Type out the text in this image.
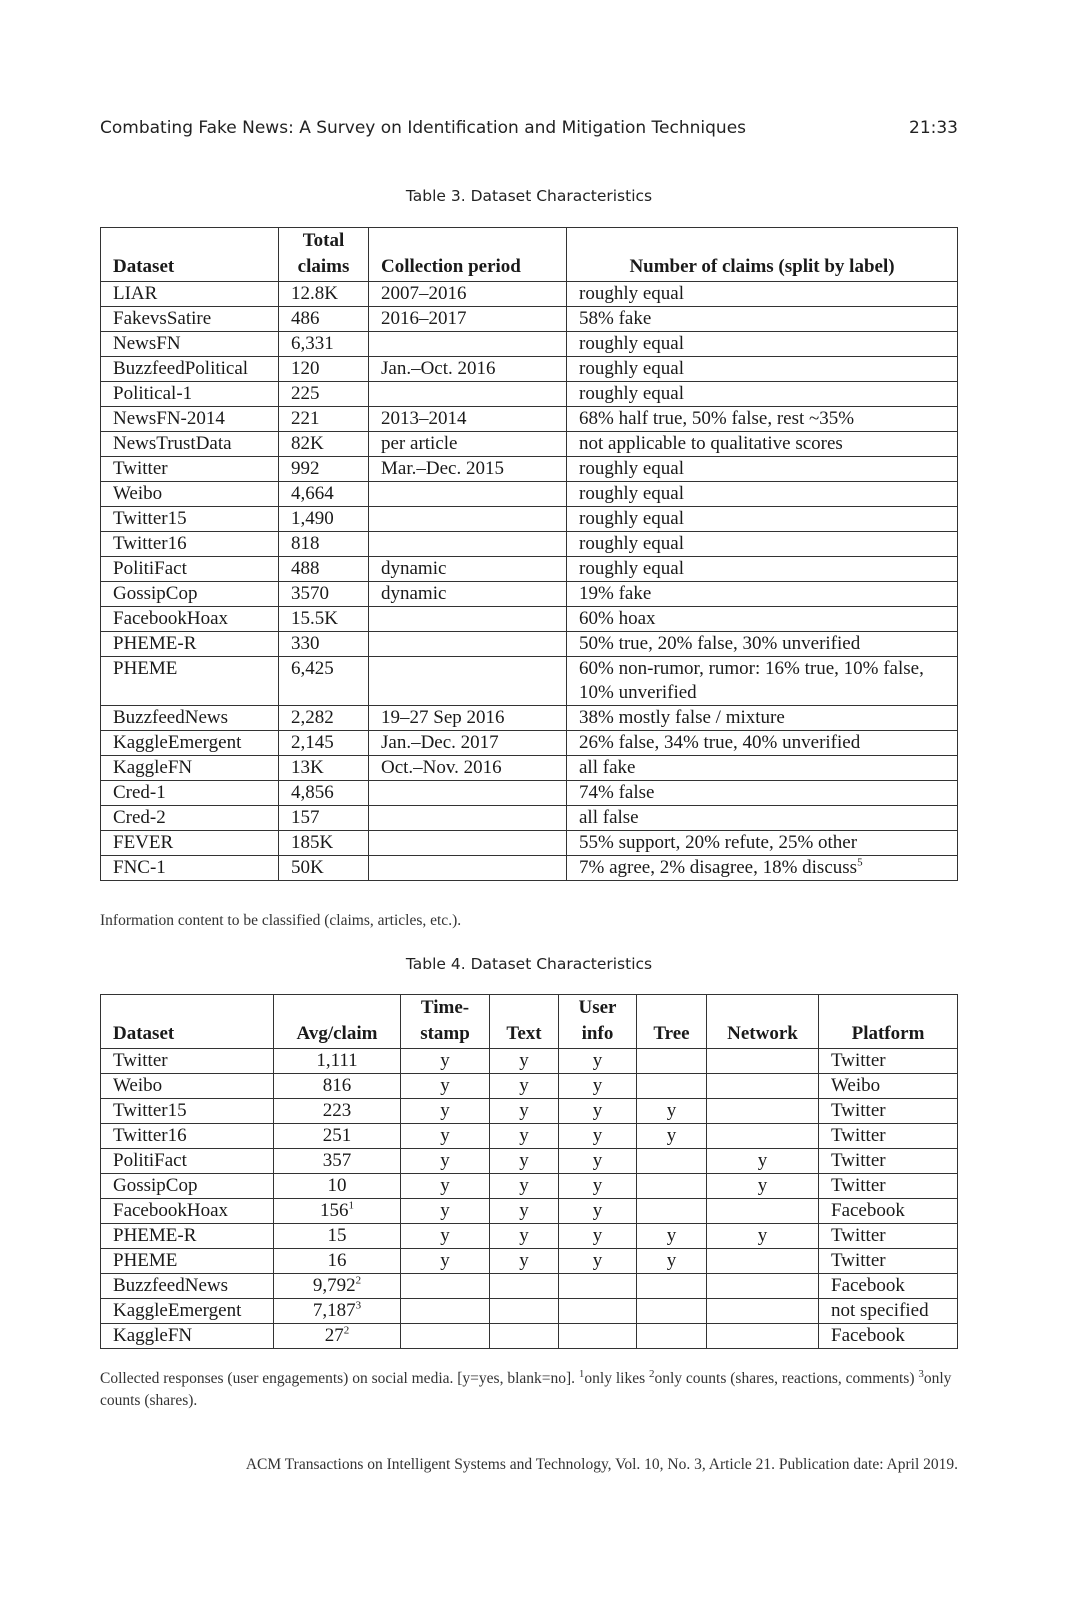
Combating Fake News: A Survey on Identification and Mitigation Techniques	21:33
Table 3. Dataset Characteristics
Dataset	Total claims	Collection period	Number of claims (split by label)
LIAR	12.8K	2007–2016	roughly equal
FakevsSatire	486	2016–2017	58% fake
NewsFN	6,331		roughly equal
BuzzfeedPolitical	120	Jan.–Oct. 2016	roughly equal
Political-1	225		roughly equal
NewsFN-2014	221	2013–2014	68% half true, 50% false, rest ~35%
NewsTrustData	82K	per article	not applicable to qualitative scores
Twitter	992	Mar.–Dec. 2015	roughly equal
Weibo	4,664		roughly equal
Twitter15	1,490		roughly equal
Twitter16	818		roughly equal
PolitiFact	488	dynamic	roughly equal
GossipCop	3570	dynamic	19% fake
FacebookHoax	15.5K		60% hoax
PHEME-R	330		50% true, 20% false, 30% unverified
PHEME	6,425		60% non-rumor, rumor: 16% true, 10% false, 10% unverified
BuzzfeedNews	2,282	19–27 Sep 2016	38% mostly false / mixture
KaggleEmergent	2,145	Jan.–Dec. 2017	26% false, 34% true, 40% unverified
KaggleFN	13K	Oct.–Nov. 2016	all fake
Cred-1	4,856		74% false
Cred-2	157		all false
FEVER	185K		55% support, 20% refute, 25% other
FNC-1	50K		7% agree, 2% disagree, 18% discuss$^5$
Information content to be classified (claims, articles, etc.).
Table 4. Dataset Characteristics
Dataset	Avg/claim	Time-stamp	Text	User info	Tree	Network	Platform
Twitter	1,111	y	y	y			Twitter
Weibo	816	y	y	y			Weibo
Twitter15	223	y	y	y	y		Twitter
Twitter16	251	y	y	y	y		Twitter
PolitiFact	357	y	y	y		y	Twitter
GossipCop	10	y	y	y		y	Twitter
FacebookHoax	$156^1$	y	y	y			Facebook
PHEME-R	15	y	y	y	y	y	Twitter
PHEME	16	y	y	y	y		Twitter
BuzzfeedNews	9,792$^2$						Facebook
KaggleEmergent	7,187$^3$						not specified
KaggleFN	$27^2$						Facebook
Collected responses (user engagements) on social media. [y=yes, blank=no]. $^1$only likes $^2$only counts (shares, reactions, comments) $^3$only counts (shares).
ACM Transactions on Intelligent Systems and Technology, Vol. 10, No. 3, Article 21. Publication date: April 2019.
